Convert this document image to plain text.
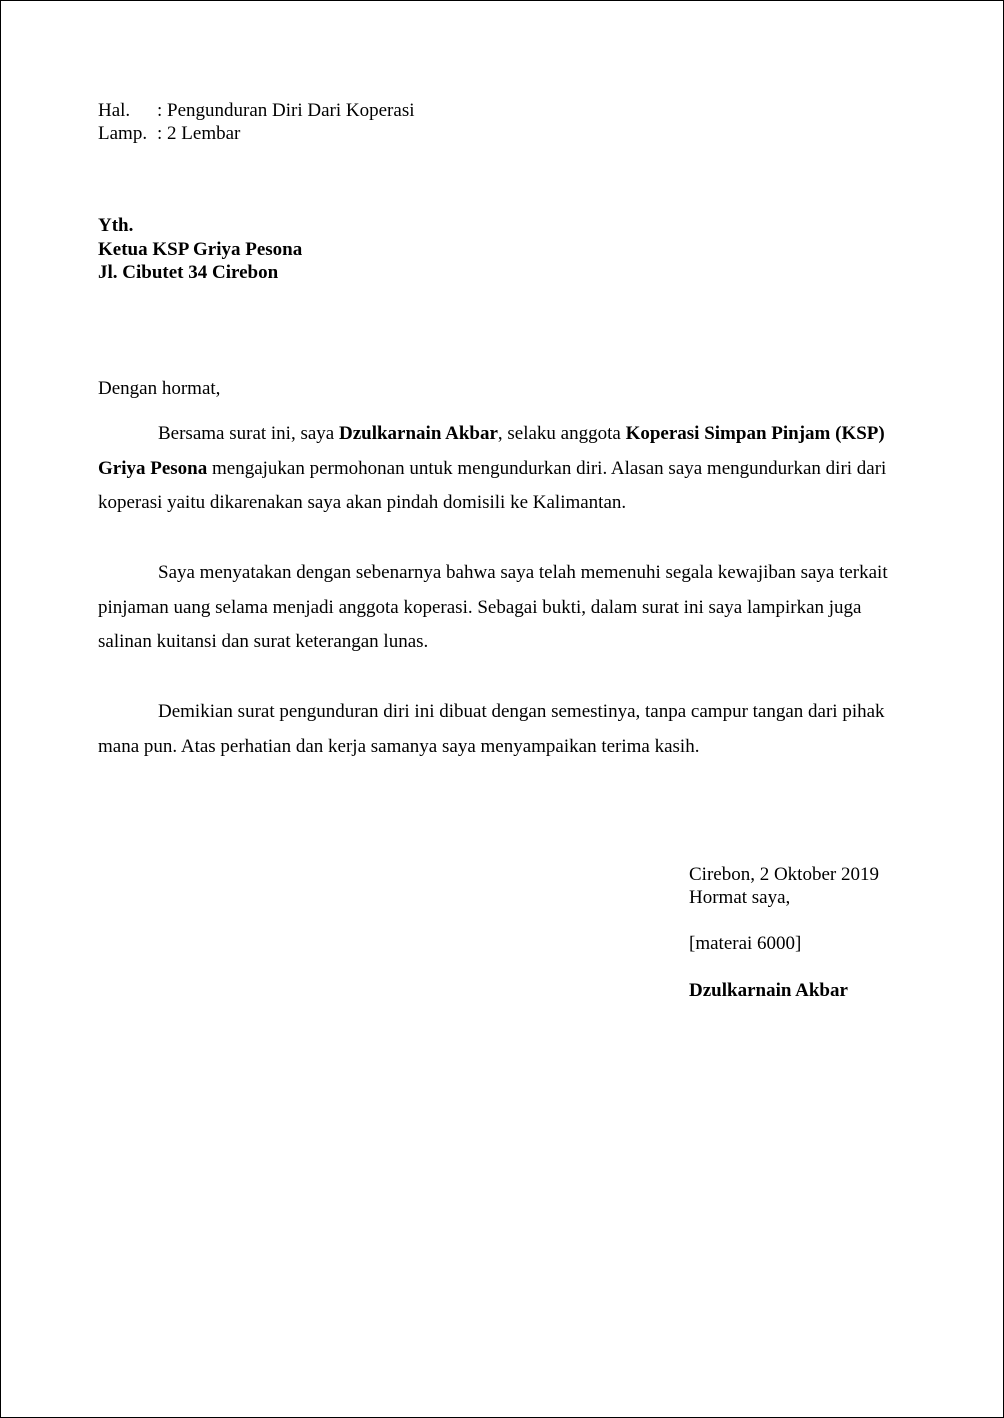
Hal. : Pengunduran Diri Dari Koperasi
Lamp. : 2 Lembar
Yth.
Ketua KSP Griya Pesona
Jl. Cibutet 34 Cirebon
Dengan hormat,
Bersama surat ini, saya Dzulkarnain Akbar, selaku anggota Koperasi Simpan Pinjam (KSP) Griya Pesona mengajukan permohonan untuk mengundurkan diri. Alasan saya mengundurkan diri dari koperasi yaitu dikarenakan saya akan pindah domisili ke Kalimantan.
Saya menyatakan dengan sebenarnya bahwa saya telah memenuhi segala kewajiban saya terkait pinjaman uang selama menjadi anggota koperasi. Sebagai bukti, dalam surat ini saya lampirkan juga salinan kuitansi dan surat keterangan lunas.
Demikian surat pengunduran diri ini dibuat dengan semestinya, tanpa campur tangan dari pihak mana pun. Atas perhatian dan kerja samanya saya menyampaikan terima kasih.
Cirebon, 2 Oktober 2019
Hormat saya,
[materai 6000]
Dzulkarnain Akbar
